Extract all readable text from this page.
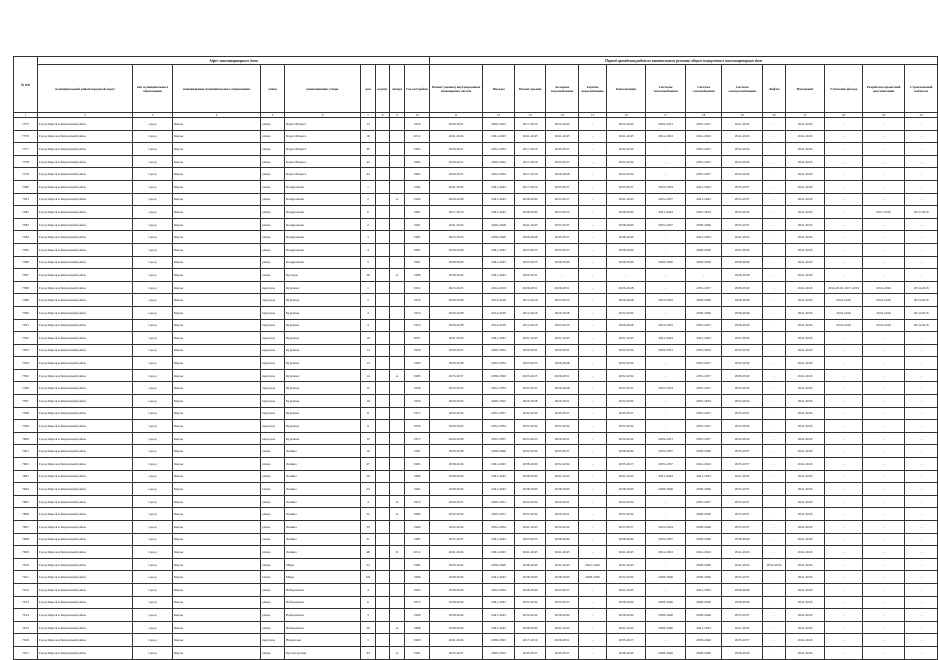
№ п/п	Адрес многоквартирного дома									Период проведения работ по капитальному ремонту общего имущества в многоквартирном доме													
	муниципальный район/городской округ	тип муниципального образования	наименование муниципального образования	улица	наименование улицы	дом	корпус	литера	Год постройки	Ремонт (замена) внутридомовых инженерных систем	Фасады	Ремонт крыши	Холодное водоснабжение	Горячее водоснабжение	Канализация	Системы теплоснабжения	Система газоснабжения	Система электроснабжения	Лифты	Фундамент	Утепление фасада	Разработка проектной документации	Строительный контроль
1	2	3	4	5	6	7	8	9	10	11	12	13	14	15	16	17	18	19	20	21	22	23	24
7575	Город Киров и Кировский район	город	Киров	улица	Карла Маркса	14			1954	2029-2031	2020-2022	2017-2019	2022-2024	-	2022-2024	2029-2031	2035-2037	2041-2043	-	2041-2043	-	-	-
7576	Город Киров и Кировский район	город	Киров	улица	Карла Маркса	16			2012	2041-2043	2041-2043	2041-2043	2041-2043	-	2041-2043	2041-2043	2041-2043	2041-2043	-	2041-2043	-	-	-
7577	Город Киров и Кировский район	город	Киров	улица	Карла Маркса	40			1963	2029-2031	2032-2034	2017-2019	2035-2037	-	2032-2034	-	2035-2037	2032-2034	-	2041-2043	-	-	-
7578	Город Киров и Кировский район	город	Киров	улица	Карла Маркса	42			1962	2029-2031	2020-2022	2017-2019	2035-2037	-	2032-2034	-	2035-2037	2032-2034	-	2041-2043	-	-	-
7579	Город Киров и Кировский район	город	Киров	улица	Карла Маркса	44			1963	2029-2031	2032-2034	2017-2019	2026-2028	-	2032-2034	-	2035-2037	2032-2034	-	2041-2043	-	-	-
7580	Город Киров и Кировский район	город	Киров	улица	Кондратьева	1			1994	2041-2043	2041-2043	2017-2019	2035-2037	-	2035-2037	2032-2034	2041-2043	2035-2037	-	2041-2043	-	-	-
7581	Город Киров и Кировский район	город	Киров	улица	Кондратьева	2		А	1994	2026-2028	2041-2043	2038-2040	2035-2037	-	2041-2043	2035-2037	2041-2043	2035-2037	-	2041-2043	-	-	-
7582	Город Киров и Кировский район	город	Киров	улица	Кондратьева	6			1987	2017-2019	2041-2043	2038-2040	2023-2025	-	2038-2040	2041-2043	2032-2034	2032-2034	-	2041-2043	-	2017-2019	2017-2019
7583	Город Киров и Кировский район	город	Киров	улица	Кондратьева	2			1991	2041-2043	2026-2028	2041-2043	2035-2037	-	2038-2040	2035-2037	2038-2040	2035-2037	-	2041-2043	-	-	-
7584	Город Киров и Кировский район	город	Киров	улица	Кондратьева	3			1987	2023-2025	2038-2040	2026-2028	2035-2037	-	2038-2040	-	2041-2043	2041-2043	-	2041-2043	-	-	-
7585	Город Киров и Кировский район	город	Киров	улица	Кондратьева	4			1987	2026-2028	2041-2043	2023-2025	2035-2037	-	2038-2040	-	2038-2040	2041-2043	-	2041-2043	-	-	-
7586	Город Киров и Кировский район	город	Киров	улица	Кондратьева	5			1991	2038-2040	2041-2043	2023-2025	2038-2040	-	2038-2040	2038-2040	2038-2040	2038-2040	-	2041-2043	-	-	-
7587	Город Киров и Кировский район	город	Киров	улица	Кр.Зари	38		А	1986	2038-2040	2041-2043	2029-2031	-	-	-	-	-	2026-2028	-	2041-2043	-	-	-
7588	Город Киров и Кировский район	город	Киров	переулок	Курганка	1			1952	2023-2025	2014-2016	2029-2031	2029-2031	-	2026-2028	-	2035-2037	2038-2040	-	2041-2043	2014-2016, 2017-2019	2014-2016	2014-2016
7589	Город Киров и Кировский район	город	Киров	переулок	Курганка	2			1952	2026-2028	2014-2016	2014-2016	2023-2025	-	2026-2028	2023-2025	2038-2040	2026-2028	-	2041-2043	2014-2016	2014-2016	2014-2016
7590	Город Киров и Кировский район	город	Киров	переулок	Курганка	3			1953	2026-2028	2014-2016	2014-2016	2026-2028	-	2032-2034	-	2038-2040	2038-2040	-	2041-2043	2014-2016	2014-2016	2014-2016
7591	Город Киров и Кировский район	город	Киров	переулок	Курганка	4			1953	2026-2028	2014-2016	2014-2016	2023-2025	-	2026-2028	2023-2025	2035-2037	2038-2040	-	2041-2043	2014-2016	2014-2016	2014-2016
7592	Город Киров и Кировский район	город	Киров	переулок	Курганка	10			2007	2041-2043	2041-2043	2041-2043	2041-2043	-	2041-2043	2041-2043	2041-2043	2041-2043	-	2041-2043	-	-	-
7593	Город Киров и Кировский район	город	Киров	переулок	Курганка	14			1956	2029-2031	2020-2022	2029-2031	2029-2031	-	2032-2034	2029-2031	2032-2034	2032-2034	-	2041-2043	-	-	-
7594	Город Киров и Кировский район	город	Киров	переулок	Курганка	13			1960	2026-2028	2032-2034	2023-2025	2026-2028	-	2032-2034	-	2035-2037	2032-2034	-	2041-2043	-	-	-
7595	Город Киров и Кировский район	город	Киров	переулок	Курганка	14		А	1965	2035-2037	2038-2040	2023-2025	2029-2031	-	2032-2034	-	2035-2037	2038-2040	-	2041-2043	-	-	-
7596	Город Киров и Кировский район	город	Киров	переулок	Курганка	15			1958	2023-2025	2032-2034	2035-2037	2026-2028	-	2035-2037	2032-2034	2035-2037	2032-2034	-	2041-2043	-	-	-
7597	Город Киров и Кировский район	город	Киров	переулок	Курганка	16			1959	2020-2022	2020-2022	2026-2028	2029-2031	-	2032-2034	-	2032-2034	2032-2034	-	2041-2043	-	-	-
7598	Город Киров и Кировский район	город	Киров	переулок	Курганка	8			1957	2032-2034	2035-2037	2032-2034	2035-2037	-	2035-2037	-	2035-2037	2035-2037	-	2041-2043	-	-	-
7599	Город Киров и Кировский район	город	Киров	переулок	Курганка	9			1956	2020-2022	2032-2034	2032-2034	2032-2034	-	2032-2034	-	2035-2037	2032-2034	-	2041-2043	-	-	-
7600	Город Киров и Кировский район	город	Киров	переулок	Курганка	12			1957	2026-2028	2035-2037	2023-2025	2029-2031	-	2032-2034	2029-2031	2035-2037	2032-2034	-	2041-2043	-	-	-
7601	Город Киров и Кировский район	город	Киров	улица	Ленина	19			1961	2026-2028	2038-2040	2032-2034	2035-2037	-	2038-2040	2035-2037	2038-2040	2035-2037	-	2041-2043	-	-	-
7602	Город Киров и Кировский район	город	Киров	улица	Ленина	27			1981	2038-2040	2041-2043	2038-2040	2032-2034	-	2035-2037	2035-2037	2041-2043	2035-2037	-	2041-2043	-	-	-
7603	Город Киров и Кировский район	город	Киров	улица	Ленина	29			1986	2038-2040	2041-2043	2038-2040	2041-2043	-	2041-2043	2041-2043	2041-2043	2041-2043	-	2041-2043	-	-	-
7604	Город Киров и Кировский район	город	Киров	улица	Ленина	25			1991	2038-2040	2041-2043	2038-2040	2038-2040	-	2038-2040	2038-2040	2038-2040	2035-2037	-	2041-2043	-	-	-
7605	Город Киров и Кировский район	город	Киров	улица	Ленина	4		А	1953	2029-2031	2026-2031	2032-2034	2029-2031	-	2032-2034	-	2035-2037	2035-2037	-	2041-2043	-	-	-
7606	Город Киров и Кировский район	город	Киров	улица	Ленина	32		А	1960	2032-2034	2029-2031	2032-2034	2029-2031	-	2032-2034	-	2038-2040	2035-2037	-	2041-2043	-	-	-
7607	Город Киров и Кировский район	город	Киров	улица	Ленина	39			1964	2032-2034	2032-2034	2041-2043	2032-2034	-	2035-2037	2032-2034	2038-2040	2035-2037	-	2041-2043	-	-	-
7608	Город Киров и Кировский район	город	Киров	улица	Ленина	31			1985	2035-2037	2041-2043	2023-2025	2038-2040	-	2038-2040	2035-2037	2038-2040	2038-2040	-	2041-2043	-	-	-
7609	Город Киров и Кировский район	город	Киров	улица	Ленина	48		Б	2012	2041-2043	2041-2043	2041-2043	2041-2043	-	2041-2043	2041-2043	2041-2043	2041-2043	-	2041-2043	-	-	-
7610	Город Киров и Кировский район	город	Киров	улица	Мира	2а			1984	2020-2022	2038-2040	2038-2040	2041-2043	2041-2043	2041-2043	-	2038-2040	2041-2043	2032-2034	2041-2043	-	-	-
7611	Город Киров и Кировский район	город	Киров	улица	Мира	98			1986	2038-2040	2041-2043	2038-2040	2038-2040	2038-2040	2032-2034	2038-2040	2038-2040	2035-2037	-	2041-2043	-	-	-
7612	Город Киров и Кировский район	город	Киров	улица	Набережная	4			1995	2038-2040	2032-2034	2038-2040	2035-2037	-	2041-2043	-	2041-2043	2038-2040	-	2041-2043	-	-	-
7613	Город Киров и Кировский район	город	Киров	улица	Набережная	6			1973	2038-2040	2041-2043	2032-2034	2035-2037	-	2038-2040	2038-2040	2038-2040	2038-2040	-	2041-2043	-	-	-
7614	Город Киров и Кировский район	город	Киров	улица	Набережная	3			1990	2038-2040	2041-2043	2032-2034	2038-2040	-	2038-2040	2038-2040	2038-2040	2035-2037	-	2041-2043	-	-	-
7615	Город Киров и Кировский район	город	Киров	улица	Набережная	30		А	1988	2038-2040	2041-2043	2038-2040	2041-2043	-	2041-2043	2038-2040	2041-2043	2041-2043	-	2041-2043	-	-	-
7616	Город Киров и Кировский район	город	Киров	переулок	Некрасова	3			1960	2041-2043	2038-2043	2017-2019	2029-2031	-	2035-2037	-	2038-2040	2035-2037	-	2041-2043	-	-	-
7617	Город Киров и Кировский район	город	Киров	улица	Пролетарская	44		А	1991	2035-2037	2029-2032	2035-2037	2035-2037	-	2038-2040	2038-2040	2038-2040	2038-2040	-	2041-2043	-	-	-
